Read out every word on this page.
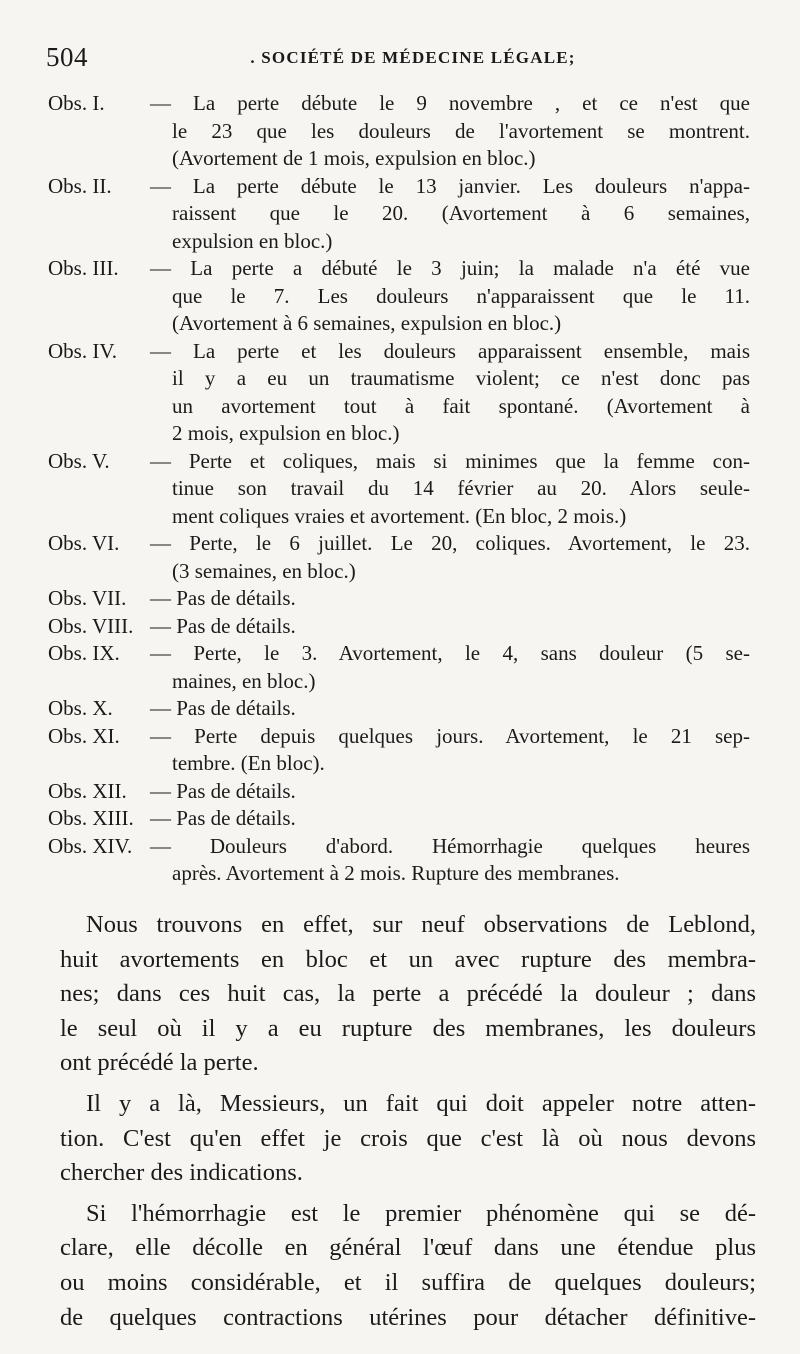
504	. SOCIÉTÉ DE MÉDECINE LÉGALE;
Obs. I.	— La perte débute le 9 novembre , et ce n'est que
le 23 que les douleurs de l'avortement se montrent.
(Avortement de 1 mois, expulsion en bloc.)
Obs. II.	— La perte débute le 13 janvier. Les douleurs n'appa-
raissent que le 20. (Avortement à 6 semaines,
expulsion en bloc.)
Obs. III.	— La perte a débuté le 3 juin; la malade n'a été vue
que le 7. Les douleurs n'apparaissent que le 11.
(Avortement à 6 semaines, expulsion en bloc.)
Obs. IV.	— La perte et les douleurs apparaissent ensemble, mais
il y a eu un traumatisme violent; ce n'est donc pas
un avortement tout à fait spontané. (Avortement à
2 mois, expulsion en bloc.)
Obs. V.	— Perte et coliques, mais si minimes que la femme con-
tinue son travail du 14 février au 20. Alors seule-
ment coliques vraies et avortement. (En bloc, 2 mois.)
Obs. VI.	— Perte, le 6 juillet. Le 20, coliques. Avortement, le 23.
(3 semaines, en bloc.)
Obs. VII.	— Pas de détails.
Obs. VIII. — Pas de détails.
Obs. IX.	— Perte, le 3. Avortement, le 4, sans douleur (5 se-
maines, en bloc.)
Obs. X.	— Pas de détails.
Obs. XI.	— Perte depuis quelques jours. Avortement, le 21 sep-
tembre. (En bloc).
Obs. XII.	— Pas de détails.
Obs. XIII. — Pas de détails.
Obs. XIV. — Douleurs d'abord. Hémorrhagie quelques heures
après. Avortement à 2 mois. Rupture des membranes.
Nous trouvons en effet, sur neuf observations de Leblond,
huit avortements en bloc et un avec rupture des membra-
nes; dans ces huit cas, la perte a précédé la douleur ; dans
le seul où il y a eu rupture des membranes, les douleurs
ont précédé la perte.
Il y a là, Messieurs, un fait qui doit appeler notre atten-
tion. C'est qu'en effet je crois que c'est là où nous devons
chercher des indications.
Si l'hémorrhagie est le premier phénomène qui se dé-
clare, elle décolle en général l'œuf dans une étendue plus
ou moins considérable, et il suffira de quelques douleurs;
de quelques contractions utérines pour détacher définitive-
